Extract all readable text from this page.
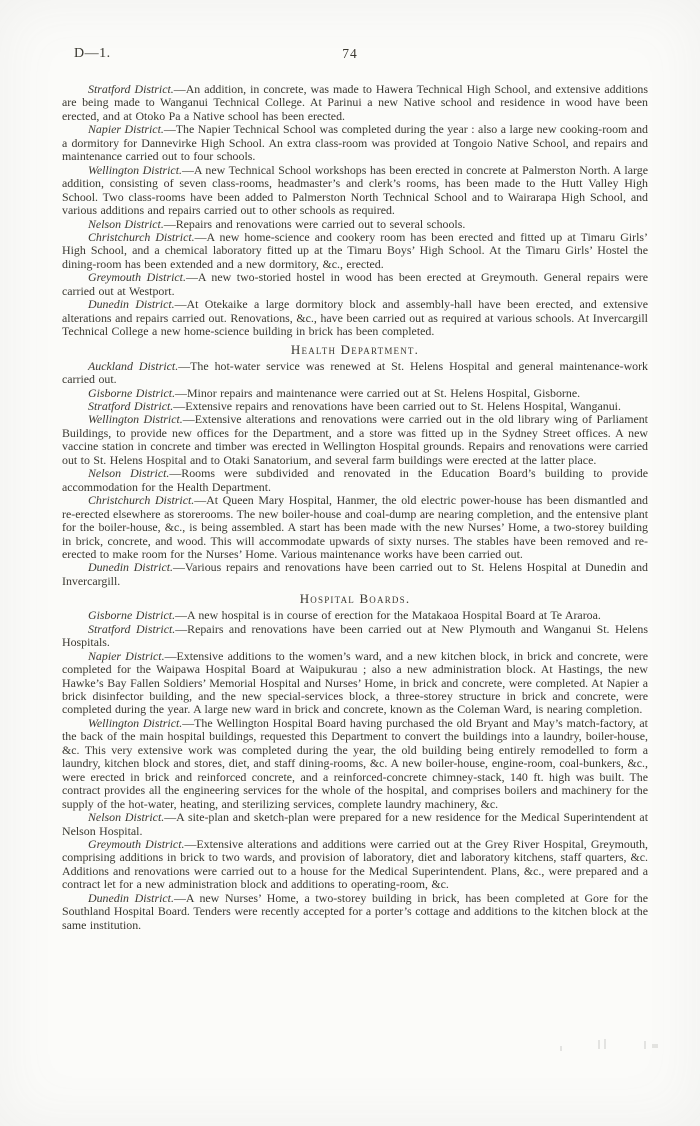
D—1.	74

Stratford District.—An addition, in concrete, was made to Hawera Technical High School, and extensive additions are being made to Wanganui Technical College. At Parinui a new Native school and residence in wood have been erected, and at Otoko Pa a Native school has been erected.

Napier District.—The Napier Technical School was completed during the year : also a large new cooking-room and a dormitory for Dannevirke High School. An extra class-room was provided at Tongoio Native School, and repairs and maintenance carried out to four schools.

Wellington District.—A new Technical School workshops has been erected in concrete at Palmerston North. A large addition, consisting of seven class-rooms, headmaster’s and clerk’s rooms, has been made to the Hutt Valley High School. Two class-rooms have been added to Palmerston North Technical School and to Wairarapa High School, and various additions and repairs carried out to other schools as required.

Nelson District.—Repairs and renovations were carried out to several schools.

Christchurch District.—A new home-science and cookery room has been erected and fitted up at Timaru Girls’ High School, and a chemical laboratory fitted up at the Timaru Boys’ High School. At the Timaru Girls’ Hostel the dining-room has been extended and a new dormitory, &c., erected.

Greymouth District.—A new two-storied hostel in wood has been erected at Greymouth. General repairs were carried out at Westport.

Dunedin District.—At Otekaike a large dormitory block and assembly-hall have been erected, and extensive alterations and repairs carried out. Renovations, &c., have been carried out as required at various schools. At Invercargill Technical College a new home-science building in brick has been completed.

Health Department.

Auckland District.—The hot-water service was renewed at St. Helens Hospital and general maintenance-work carried out.

Gisborne District.—Minor repairs and maintenance were carried out at St. Helens Hospital, Gisborne.

Stratford District.—Extensive repairs and renovations have been carried out to St. Helens Hospital, Wanganui.

Wellington District.—Extensive alterations and renovations were carried out in the old library wing of Parliament Buildings, to provide new offices for the Department, and a store was fitted up in the Sydney Street offices. A new vaccine station in concrete and timber was erected in Wellington Hospital grounds. Repairs and renovations were carried out to St. Helens Hospital and to Otaki Sanatorium, and several farm buildings were erected at the latter place.

Nelson District.—Rooms were subdivided and renovated in the Education Board’s building to provide accommodation for the Health Department.

Christchurch District.—At Queen Mary Hospital, Hanmer, the old electric power-house has been dismantled and re-erected elsewhere as storerooms. The new boiler-house and coal-dump are nearing completion, and the entensive plant for the boiler-house, &c., is being assembled. A start has been made with the new Nurses’ Home, a two-storey building in brick, concrete, and wood. This will accommodate upwards of sixty nurses. The stables have been removed and re-erected to make room for the Nurses’ Home. Various maintenance works have been carried out.

Dunedin District.—Various repairs and renovations have been carried out to St. Helens Hospital at Dunedin and Invercargill.

Hospital Boards.

Gisborne District.—A new hospital is in course of erection for the Matakaoa Hospital Board at Te Araroa.

Stratford District.—Repairs and renovations have been carried out at New Plymouth and Wanganui St. Helens Hospitals.

Napier District.—Extensive additions to the women’s ward, and a new kitchen block, in brick and concrete, were completed for the Waipawa Hospital Board at Waipukurau ; also a new administration block. At Hastings, the new Hawke’s Bay Fallen Soldiers’ Memorial Hospital and Nurses’ Home, in brick and concrete, were completed. At Napier a brick disinfector building, and the new special-services block, a three-storey structure in brick and concrete, were completed during the year. A large new ward in brick and concrete, known as the Coleman Ward, is nearing completion.

Wellington District.—The Wellington Hospital Board having purchased the old Bryant and May’s match-factory, at the back of the main hospital buildings, requested this Department to convert the buildings into a laundry, boiler-house, &c. This very extensive work was completed during the year, the old building being entirely remodelled to form a laundry, kitchen block and stores, diet, and staff dining-rooms, &c. A new boiler-house, engine-room, coal-bunkers, &c., were erected in brick and reinforced concrete, and a reinforced-concrete chimney-stack, 140 ft. high was built. The contract provides all the engineering services for the whole of the hospital, and comprises boilers and machinery for the supply of the hot-water, heating, and sterilizing services, complete laundry machinery, &c.

Nelson District.—A site-plan and sketch-plan were prepared for a new residence for the Medical Superintendent at Nelson Hospital.

Greymouth District.—Extensive alterations and additions were carried out at the Grey River Hospital, Greymouth, comprising additions in brick to two wards, and provision of laboratory, diet and laboratory kitchens, staff quarters, &c. Additions and renovations were carried out to a house for the Medical Superintendent. Plans, &c., were prepared and a contract let for a new administration block and additions to operating-room, &c.

Dunedin District.—A new Nurses’ Home, a two-storey building in brick, has been completed at Gore for the Southland Hospital Board. Tenders were recently accepted for a porter’s cottage and additions to the kitchen block at the same institution.
